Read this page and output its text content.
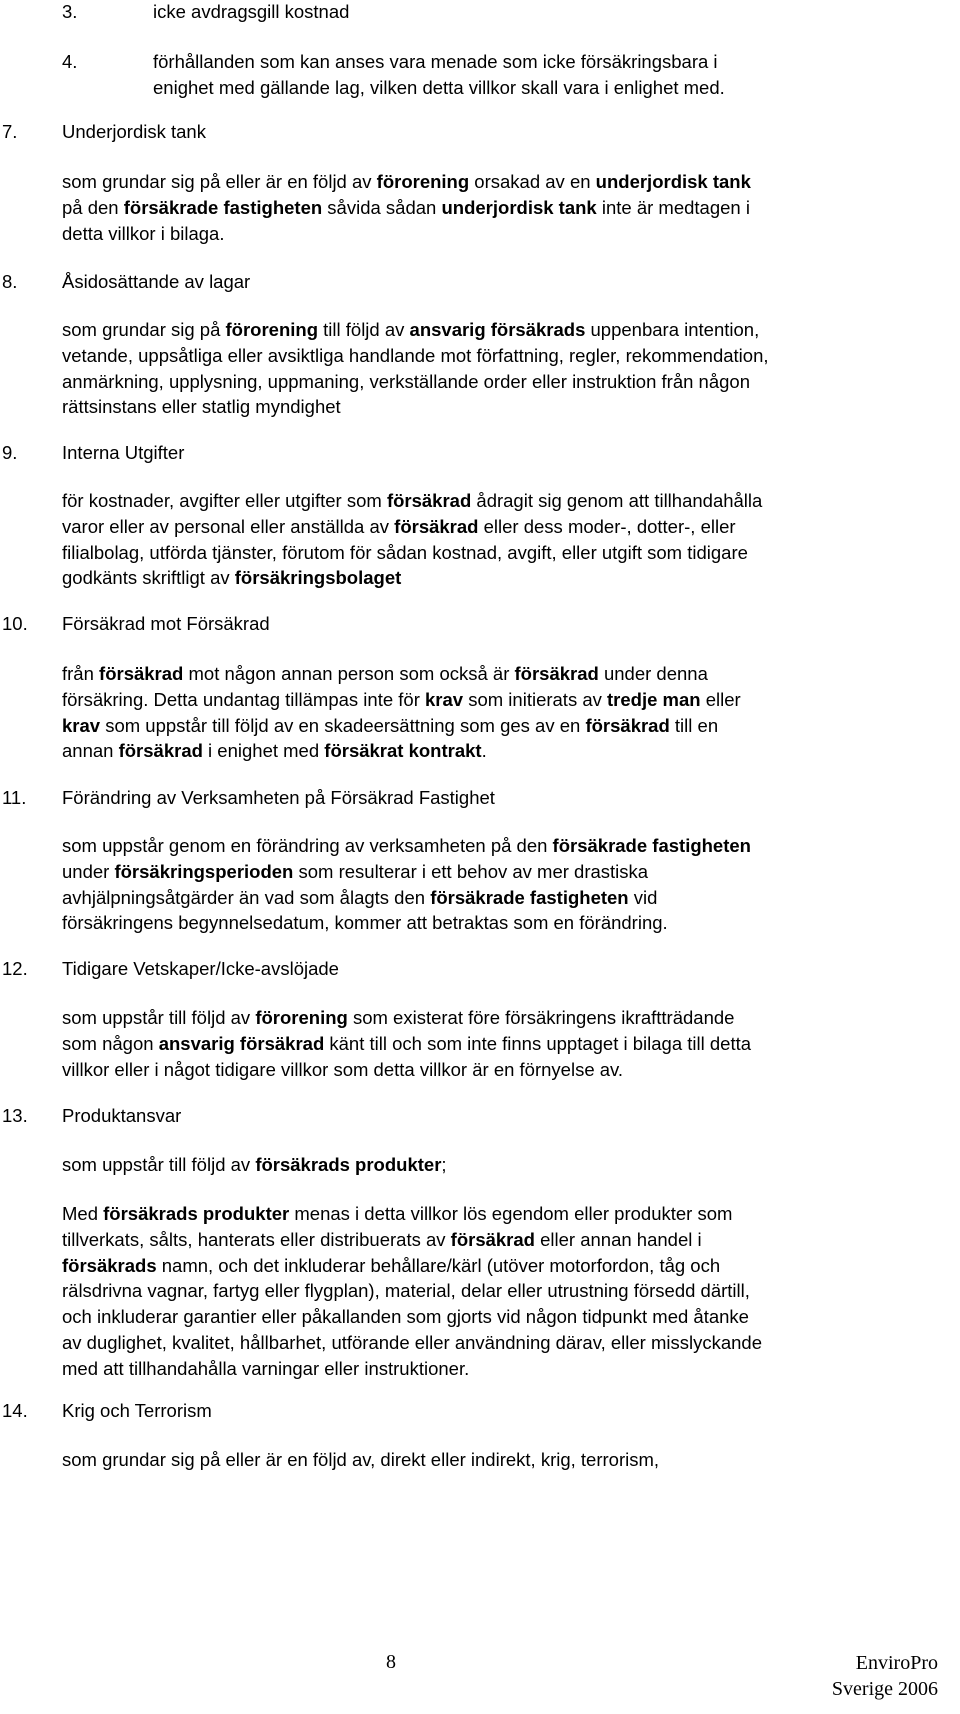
3.	icke avdragsgill kostnad
4.	förhållanden som kan anses vara menade som icke försäkringsbara i
enighet med gällande lag, vilken detta villkor skall vara i enlighet med.
7. Underjordisk tank
som grundar sig på eller är en följd av förorening orsakad av en underjordisk tank
på den försäkrade fastigheten såvida sådan underjordisk tank inte är medtagen i
detta villkor i bilaga.
8. Åsidosättande av lagar
som grundar sig på förorening till följd av ansvarig försäkrads uppenbara intention,
vetande, uppsåtliga eller avsiktliga handlande mot författning, regler, rekommendation,
anmärkning, upplysning, uppmaning, verkställande order eller instruktion från någon
rättsinstans eller statlig myndighet
9. Interna Utgifter
för kostnader, avgifter eller utgifter som försäkrad ådragit sig genom att tillhandahålla
varor eller av personal eller anställda av försäkrad eller dess moder-, dotter-, eller
filialbolag, utförda tjänster, förutom för sådan kostnad, avgift, eller utgift som tidigare
godkänts skriftligt av försäkringsbolaget
10. Försäkrad mot Försäkrad
från försäkrad mot någon annan person som också är försäkrad under denna
försäkring. Detta undantag tillämpas inte för krav som initierats av tredje man eller
krav som uppstår till följd av en skadeersättning som ges av en försäkrad till en
annan försäkrad i enighet med försäkrat kontrakt.
11. Förändring av Verksamheten på Försäkrad Fastighet
som uppstår genom en förändring av verksamheten på den försäkrade fastigheten
under försäkringsperioden som resulterar i ett behov av mer drastiska
avhjälpningsåtgärder än vad som ålagts den försäkrade fastigheten vid
försäkringens begynnelsedatum, kommer att betraktas som en förändring.
12. Tidigare Vetskaper/Icke-avslöjade
som uppstår till följd av förorening som existerat före försäkringens ikraftträdande
som någon ansvarig försäkrad känt till och som inte finns upptaget i bilaga till detta
villkor eller i något tidigare villkor som detta villkor är en förnyelse av.
13. Produktansvar
som uppstår till följd av försäkrads produkter;
Med försäkrads produkter menas i detta villkor lös egendom eller produkter som
tillverkats, sålts, hanterats eller distribuerats av försäkrad eller annan handel i
försäkrads namn, och det inkluderar behållare/kärl (utöver motorfordon, tåg och
rälsdrivna vagnar, fartyg eller flygplan), material, delar eller utrustning försedd därtill,
och inkluderar garantier eller påkallanden som gjorts vid någon tidpunkt med åtanke
av duglighet, kvalitet, hållbarhet, utförande eller användning därav, eller misslyckande
med att tillhandahålla varningar eller instruktioner.
14. Krig och Terrorism
som grundar sig på eller är en följd av, direkt eller indirekt, krig, terrorism,
8	EnviroPro
Sverige 2006
